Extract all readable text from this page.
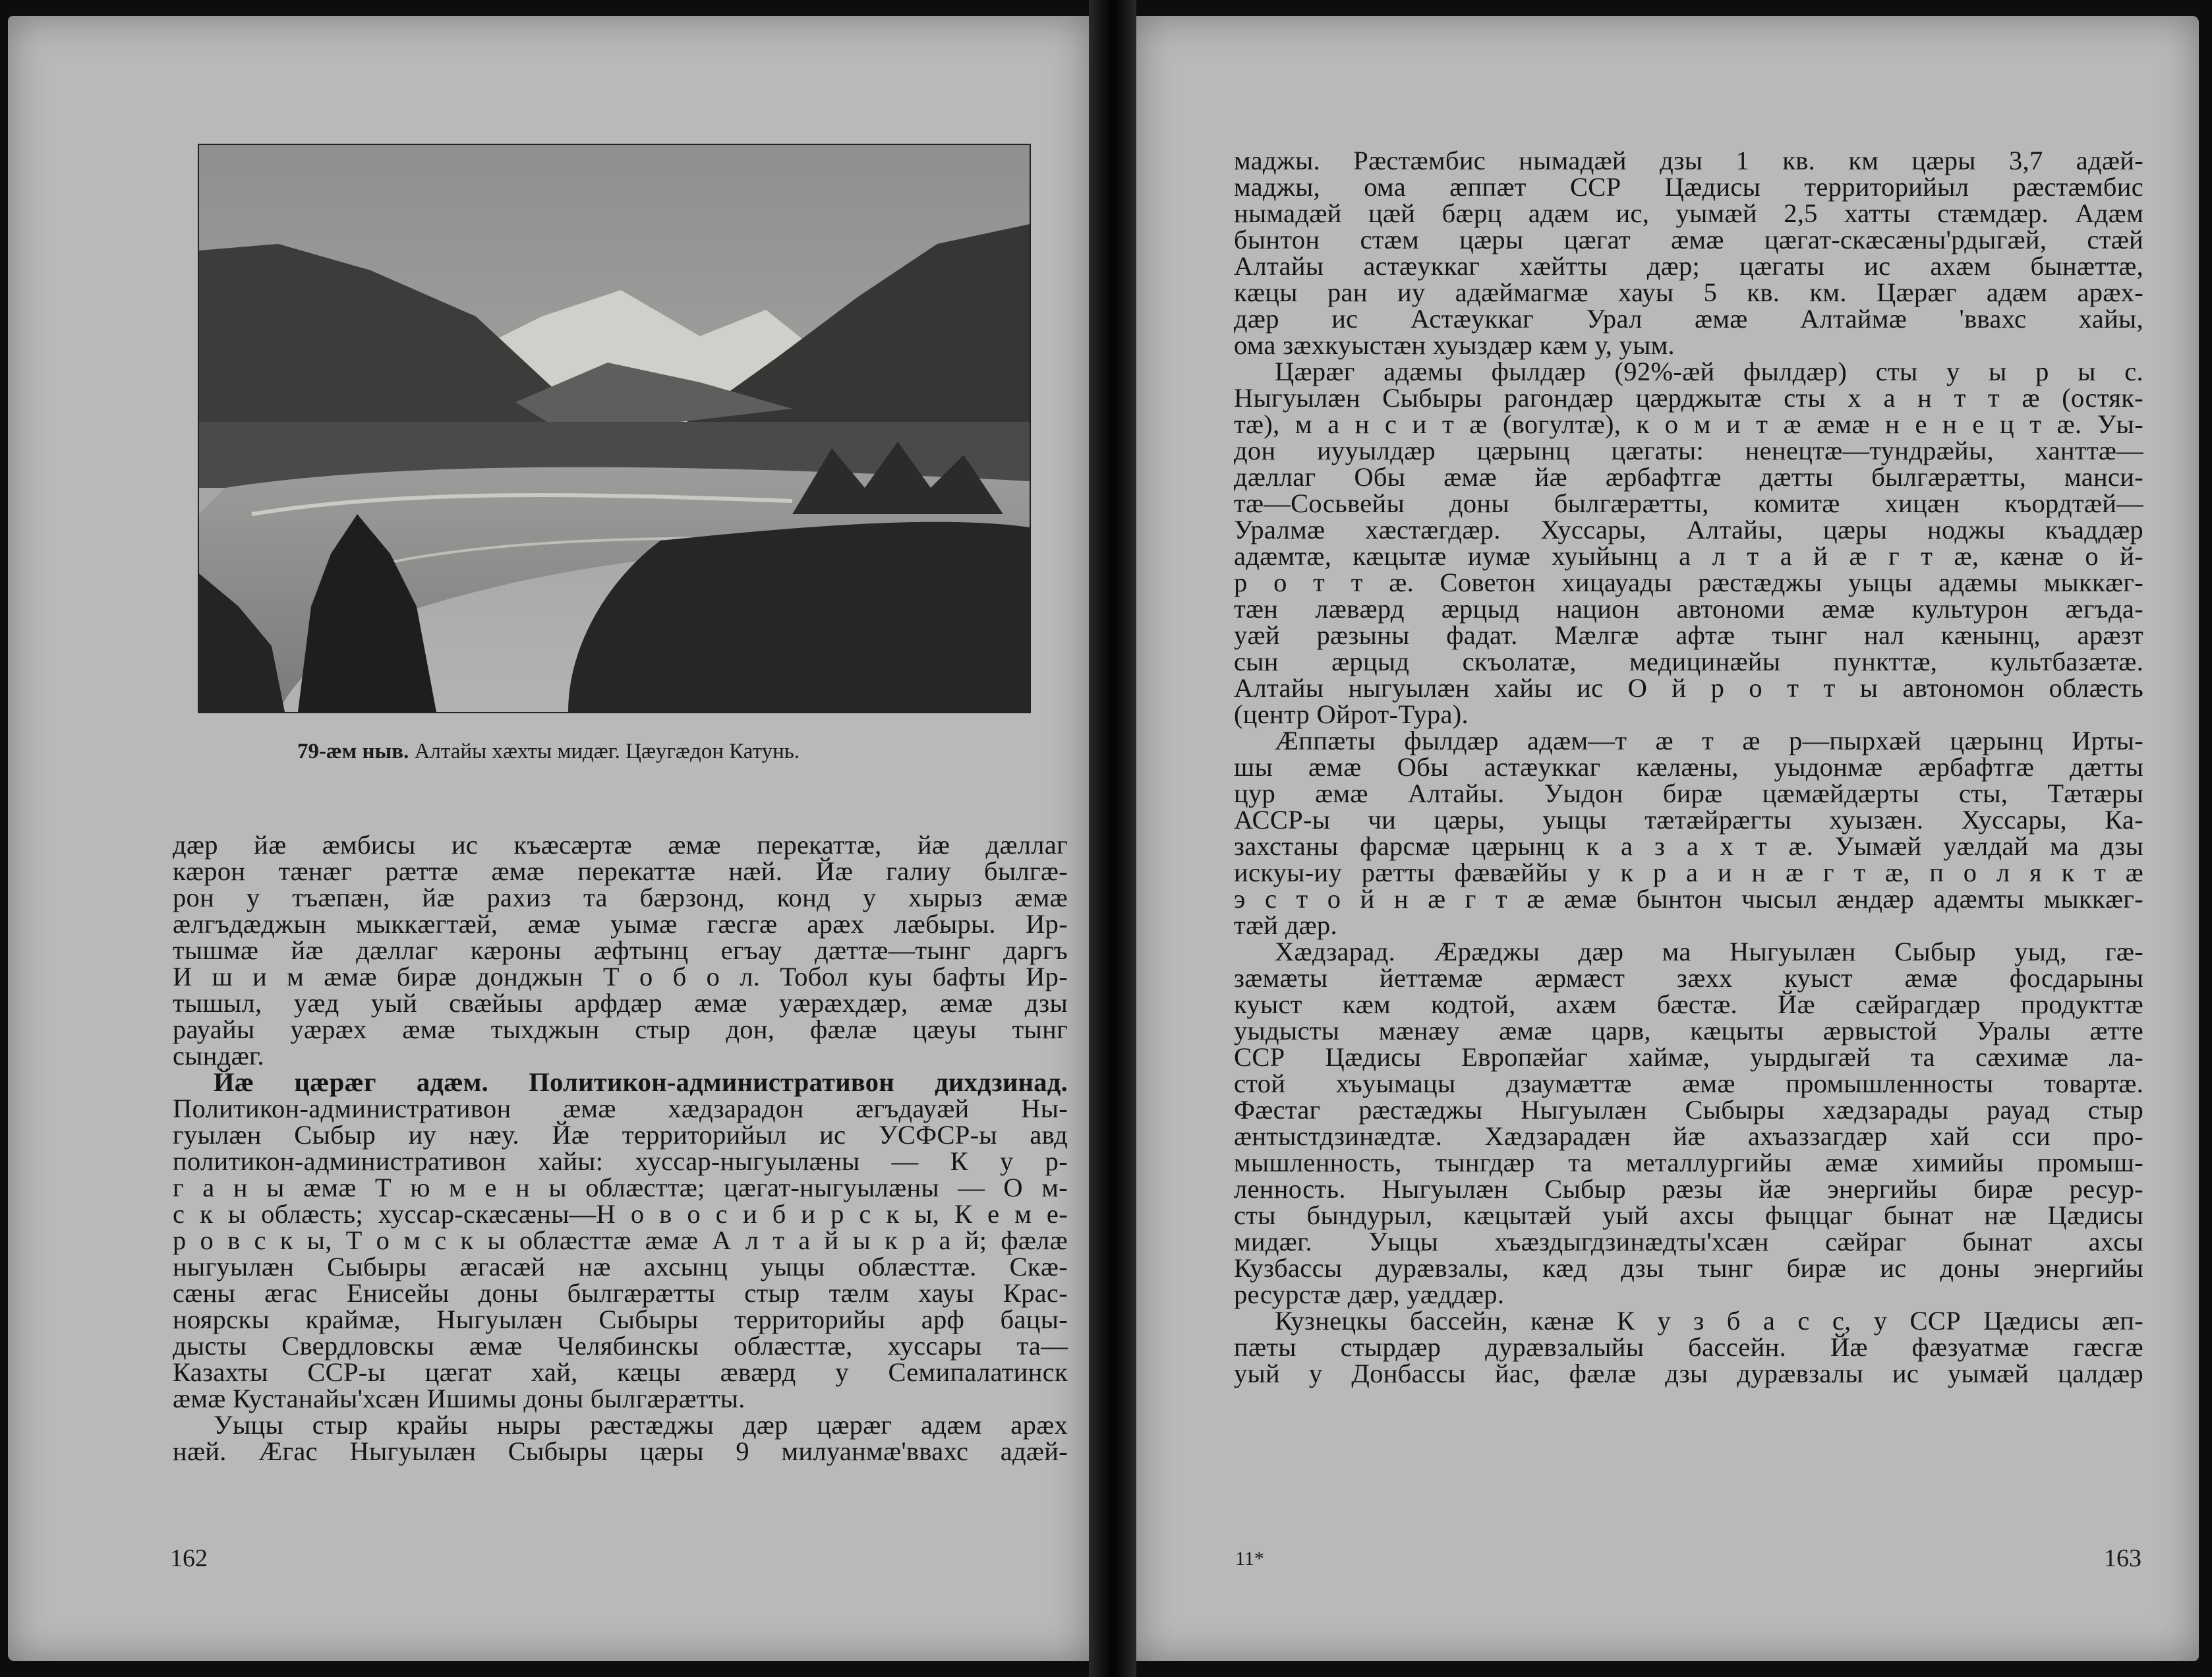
79-ӕм ныв. Алтайы хӕхты мидӕг. Цӕугӕдон Катунь.
дӕр йӕ ӕмбисы ис къӕсӕртӕ ӕмӕ перекаттӕ, йӕ дӕллаг
кӕрон тӕнӕг рӕттӕ ӕмӕ перекаттӕ нӕй. Йӕ галиу былгӕ-
рон у тъӕпӕн, йӕ рахиз та бӕрзонд, конд у хырыз ӕмӕ
ӕлгъдӕджын мыккӕгтӕй, ӕмӕ уымӕ гӕсгӕ арӕх лӕбыры. Ир-
тышмӕ йӕ дӕллаг кӕроны ӕфтынц егъау дӕттӕ—тынг даргъ
И ш и м ӕмӕ бирӕ донджын Т о б о л. Тобол куы бафты Ир-
тышыл, уӕд уый свӕйыы арфдӕр ӕмӕ уӕрӕхдӕр, ӕмӕ дзы
рауайы уӕрӕх ӕмӕ тыхджын стыр дон, фӕлӕ цӕуы тынг
сындӕг.
Йӕ цӕрӕг адӕм. Политикон-административон дихдзинад.
Политикон-административон ӕмӕ хӕдзарадон ӕгъдауӕй Ны-
гуылӕн Сыбыр иу нӕу. Йӕ территорийыл ис УСФСР-ы авд
политикон-административон хайы: хуссар-ныгуылӕны — К у р-
г а н ы ӕмӕ Т ю м е н ы облӕсттӕ; цӕгат-ныгуылӕны — О м-
с к ы облӕсть; хуссар-скӕсӕны—Н о в о с и б и р с к ы, К е м е-
р о в с к ы, Т о м с к ы облӕсттӕ ӕмӕ А л т а й ы к р а й; фӕлӕ
ныгуылӕн Сыбыры ӕгасӕй нӕ ахсынц уыцы облӕсттӕ. Скӕ-
сӕны ӕгас Енисейы доны былгӕрӕтты стыр тӕлм хауы Крас-
ноярскы краймӕ, Ныгуылӕн Сыбыры территорийы арф бацы-
дысты Свердловскы ӕмӕ Челябинскы облӕсттӕ, хуссары та—
Казахты ССР-ы цӕгат хай, кӕцы ӕвӕрд у Семипалатинск
ӕмӕ Кустанайы'хсӕн Ишимы доны былгӕрӕтты.
Уыцы стыр крайы ныры рӕстӕджы дӕр цӕрӕг адӕм арӕх
нӕй. Ӕгас Ныгуылӕн Сыбыры цӕры 9 милуанмӕ'ввахс адӕй-
162
маджы. Рӕстӕмбис нымадӕй дзы 1 кв. км цӕры 3,7 адӕй-
маджы, ома ӕппӕт ССР Цӕдисы территорийыл рӕстӕмбис
нымадӕй цӕй бӕрц адӕм ис, уымӕй 2,5 хатты стӕмдӕр. Адӕм
бынтон стӕм цӕры цӕгат ӕмӕ цӕгат-скӕсӕны'рдыгӕй, стӕй
Алтайы астӕуккаг хӕйтты дӕр; цӕгаты ис ахӕм бынӕттӕ,
кӕцы ран иу адӕймагмӕ хауы 5 кв. км. Цӕрӕг адӕм арӕх-
дӕр ис Астӕуккаг Урал ӕмӕ Алтаймӕ 'ввахс хайы,
ома зӕхкуыстӕн хуыздӕр кӕм у, уым.
Цӕрӕг адӕмы фылдӕр (92%-ӕй фылдӕр) сты у ы р ы с.
Ныгуылӕн Сыбыры рагондӕр цӕрджытӕ сты х а н т т ӕ (остяк-
тӕ), м а н с и т ӕ (вогултӕ), к о м и т ӕ ӕмӕ н е н е ц т ӕ. Уы-
дон иууылдӕр цӕрынц цӕгаты: ненецтӕ—тундрӕйы, ханттӕ—
дӕллаг Обы ӕмӕ йӕ ӕрбафтгӕ дӕтты былгӕрӕтты, манси-
тӕ—Сосьвейы доны былгӕрӕтты, комитӕ хицӕн къордтӕй—
Уралмӕ хӕстӕгдӕр. Хуссары, Алтайы, цӕры ноджы къаддӕр
адӕмтӕ, кӕцытӕ иумӕ хуыйынц а л т а й ӕ г т ӕ, кӕнӕ о й-
р о т т ӕ. Советон хицауады рӕстӕджы уыцы адӕмы мыккӕг-
тӕн лӕвӕрд ӕрцыд национ автономи ӕмӕ культурон ӕгъда-
уӕй рӕзыны фадат. Мӕлгӕ афтӕ тынг нал кӕнынц, арӕзт
сын ӕрцыд скъолатӕ, медицинӕйы пункттӕ, культбазӕтӕ.
Алтайы ныгуылӕн хайы ис О й р о т т ы автономон облӕсть
(центр Ойрот-Тура).
Ӕппӕты фылдӕр адӕм—т ӕ т ӕ р—пырхӕй цӕрынц Ирты-
шы ӕмӕ Обы астӕуккаг кӕлӕны, уыдонмӕ ӕрбафтгӕ дӕтты
цур ӕмӕ Алтайы. Уыдон бирӕ цӕмӕйдӕрты сты, Тӕтӕры
АССР-ы чи цӕры, уыцы тӕтӕйрӕгты хуызӕн. Хуссары, Ка-
захстаны фарсмӕ цӕрынц к а з а х т ӕ. Уымӕй уӕлдай ма дзы
искуы-иу рӕтты фӕвӕййы у к р а и н ӕ г т ӕ, п о л я к т ӕ
э с т о й н ӕ г т ӕ ӕмӕ бынтон чысыл ӕндӕр адӕмты мыккӕг-
тӕй дӕр.
Хӕдзарад. Ӕрӕджы дӕр ма Ныгуылӕн Сыбыр уыд, гӕ-
зӕмӕты йеттӕмӕ ӕрмӕст зӕхх куыст ӕмӕ фосдарыны
куыст кӕм кодтой, ахӕм бӕстӕ. Йӕ сӕйрагдӕр продукттӕ
уыдысты мӕнӕу ӕмӕ царв, кӕцыты ӕрвыстой Уралы ӕтте
ССР Цӕдисы Европӕйаг хаймӕ, уырдыгӕй та сӕхимӕ ла-
стой хъуымацы дзаумӕттӕ ӕмӕ промышленносты товартӕ.
Фӕстаг рӕстӕджы Ныгуылӕн Сыбыры хӕдзарады рауад стыр
ӕнтыстдзинӕдтӕ. Хӕдзарадӕн йӕ ахъаззагдӕр хай сси про-
мышленность, тынгдӕр та металлургийы ӕмӕ химийы промыш-
ленность. Ныгуылӕн Сыбыр рӕзы йӕ энергийы бирӕ ресур-
сты бындурыл, кӕцытӕй уый ахсы фыццаг бынат нӕ Цӕдисы
мидӕг. Уыцы хъӕздыгдзинӕдты'хсӕн сӕйраг бынат ахсы
Кузбассы дурӕвзалы, кӕд дзы тынг бирӕ ис доны энергийы
ресурстӕ дӕр, уӕддӕр.
Кузнецкы бассейн, кӕнӕ К у з б а с с, у ССР Цӕдисы ӕп-
пӕты стырдӕр дурӕвзалыйы бассейн. Йӕ фӕзуатмӕ гӕсгӕ
уый у Донбассы йас, фӕлӕ дзы дурӕвзалы ис уымӕй цалдӕр
11*	163
